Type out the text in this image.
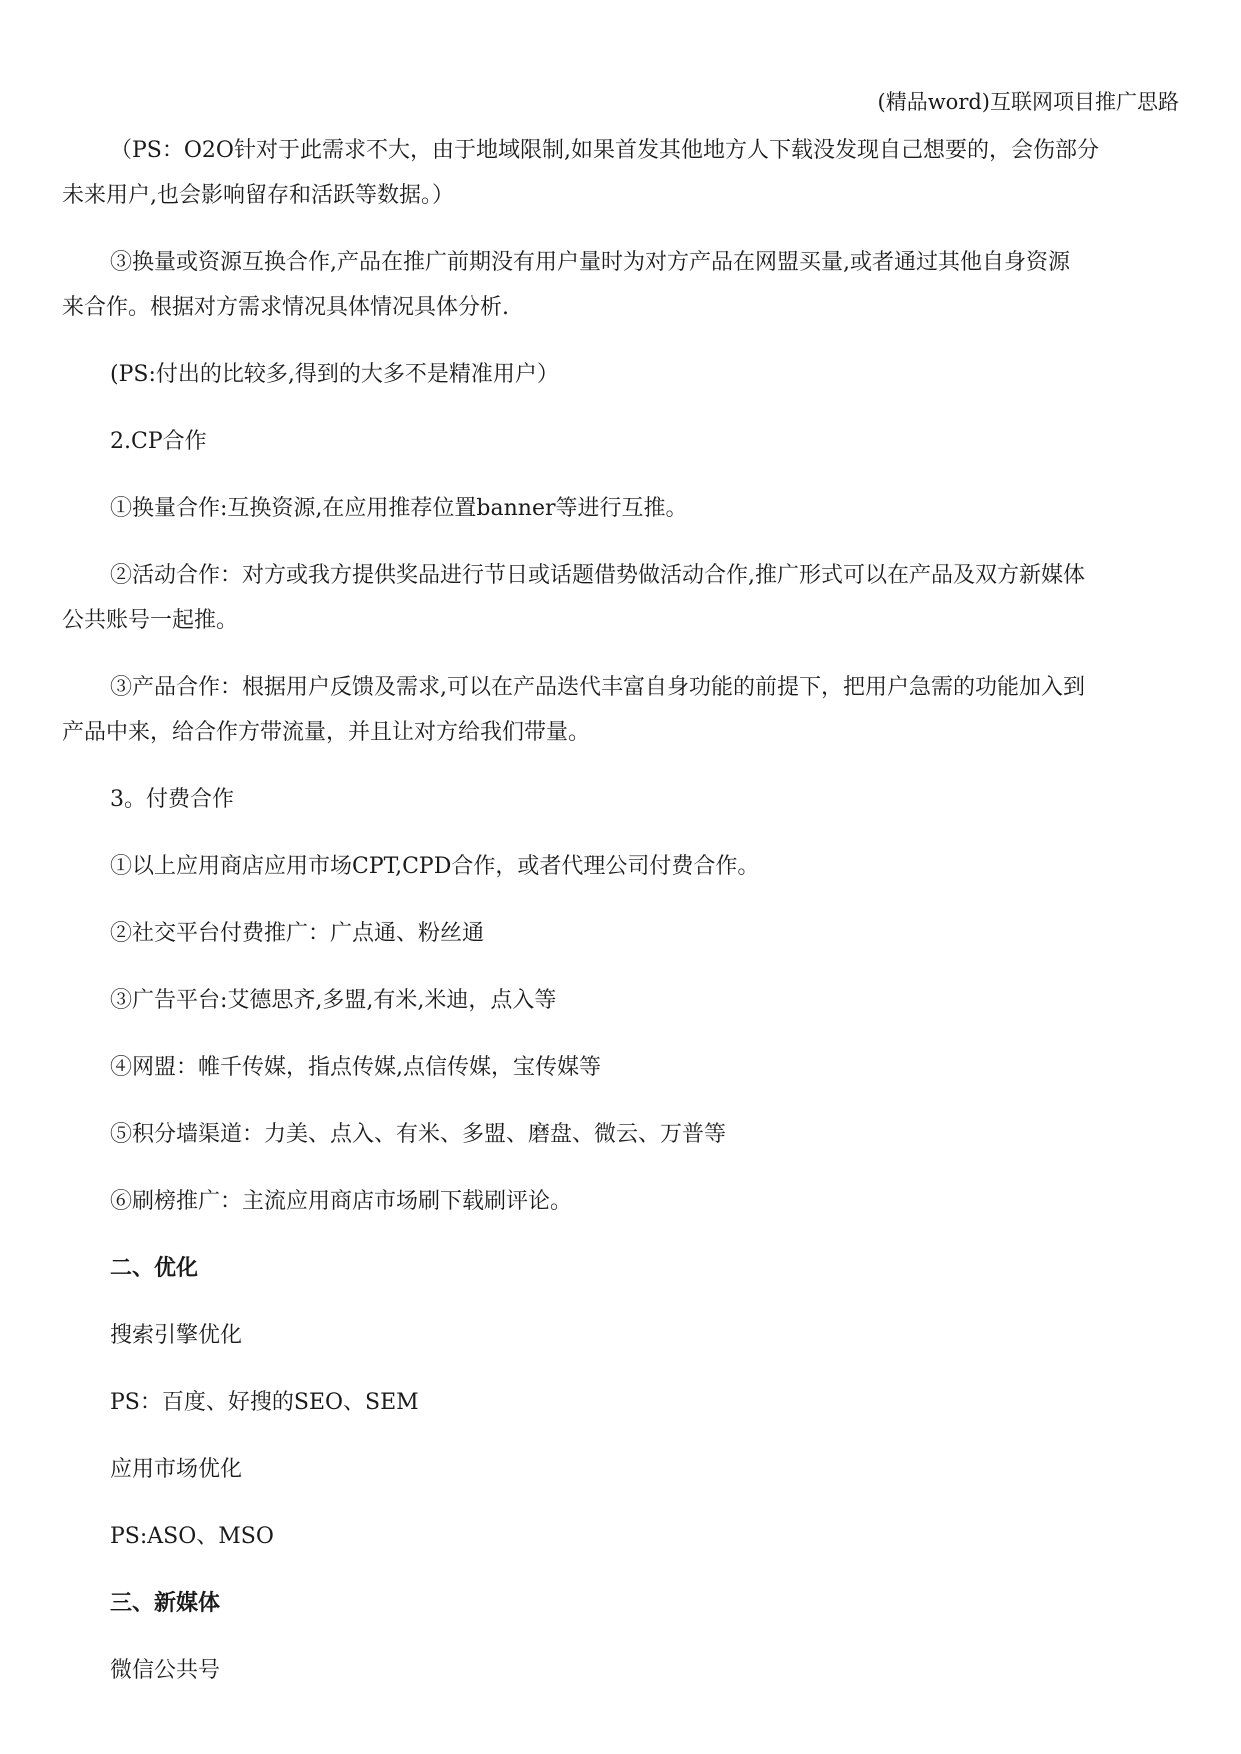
(精品word)互联网项目推广思路

（PS：O2O针对于此需求不大，由于地域限制,如果首发其他地方人下载没发现自己想要的，会伤部分

未来用户,也会影响留存和活跃等数据。）

③换量或资源互换合作,产品在推广前期没有用户量时为对方产品在网盟买量,或者通过其他自身资源

来合作。根据对方需求情况具体情况具体分析.

(PS:付出的比较多,得到的大多不是精准用户）

2.CP合作

①换量合作:互换资源,在应用推荐位置banner等进行互推。

②活动合作：对方或我方提供奖品进行节日或话题借势做活动合作,推广形式可以在产品及双方新媒体

公共账号一起推。

③产品合作：根据用户反馈及需求,可以在产品迭代丰富自身功能的前提下，把用户急需的功能加入到

产品中来，给合作方带流量，并且让对方给我们带量。

3。付费合作

①以上应用商店应用市场CPT,CPD合作，或者代理公司付费合作。

②社交平台付费推广：广点通、粉丝通

③广告平台:艾德思齐,多盟,有米,米迪，点入等

④网盟：帷千传媒，指点传媒,点信传媒，宝传媒等

⑤积分墙渠道：力美、点入、有米、多盟、磨盘、微云、万普等

⑥刷榜推广：主流应用商店市场刷下载刷评论。

二、优化

搜索引擎优化

PS：百度、好搜的SEO、SEM

应用市场优化

PS:ASO、MSO

三、新媒体

微信公共号
